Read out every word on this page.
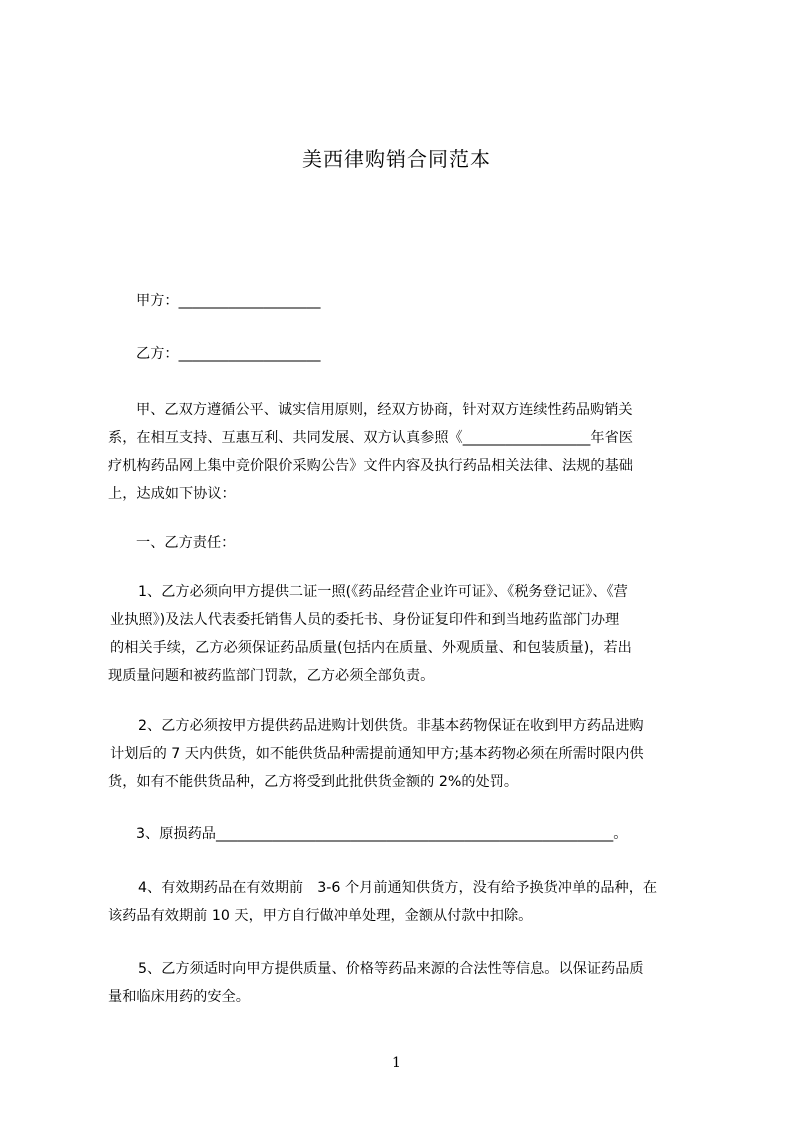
美西律购销合同范本
甲方：____________________
乙方：____________________
甲、乙双方遵循公平、诚实信用原则，经双方协商，针对双方连续性药品购销关
系，在相互支持、互惠互利、共同发展、双方认真参照《__________________年省医
疗机构药品网上集中竞价限价采购公告》文件内容及执行药品相关法律、法规的基础
上，达成如下协议：
一、乙方责任：
1、乙方必须向甲方提供二证一照(《药品经营企业许可证》、《税务登记证》、《营
业执照》)及法人代表委托销售人员的委托书、身份证复印件和到当地药监部门办理
的相关手续，乙方必须保证药品质量(包括内在质量、外观质量、和包装质量)，若出
现质量问题和被药监部门罚款，乙方必须全部负责。
2、乙方必须按甲方提供药品进购计划供货。非基本药物保证在收到甲方药品进购
计划后的 7 天内供货，如不能供货品种需提前通知甲方;基本药物必须在所需时限内供
货，如有不能供货品种，乙方将受到此批供货金额的 2%的处罚。
3、原损药品________________________________________________________。
4、有效期药品在有效期前　3-6 个月前通知供货方，没有给予换货冲单的品种，在
该药品有效期前 10 天，甲方自行做冲单处理，金额从付款中扣除。
5、乙方须适时向甲方提供质量、价格等药品来源的合法性等信息。以保证药品质
量和临床用药的安全。
1
